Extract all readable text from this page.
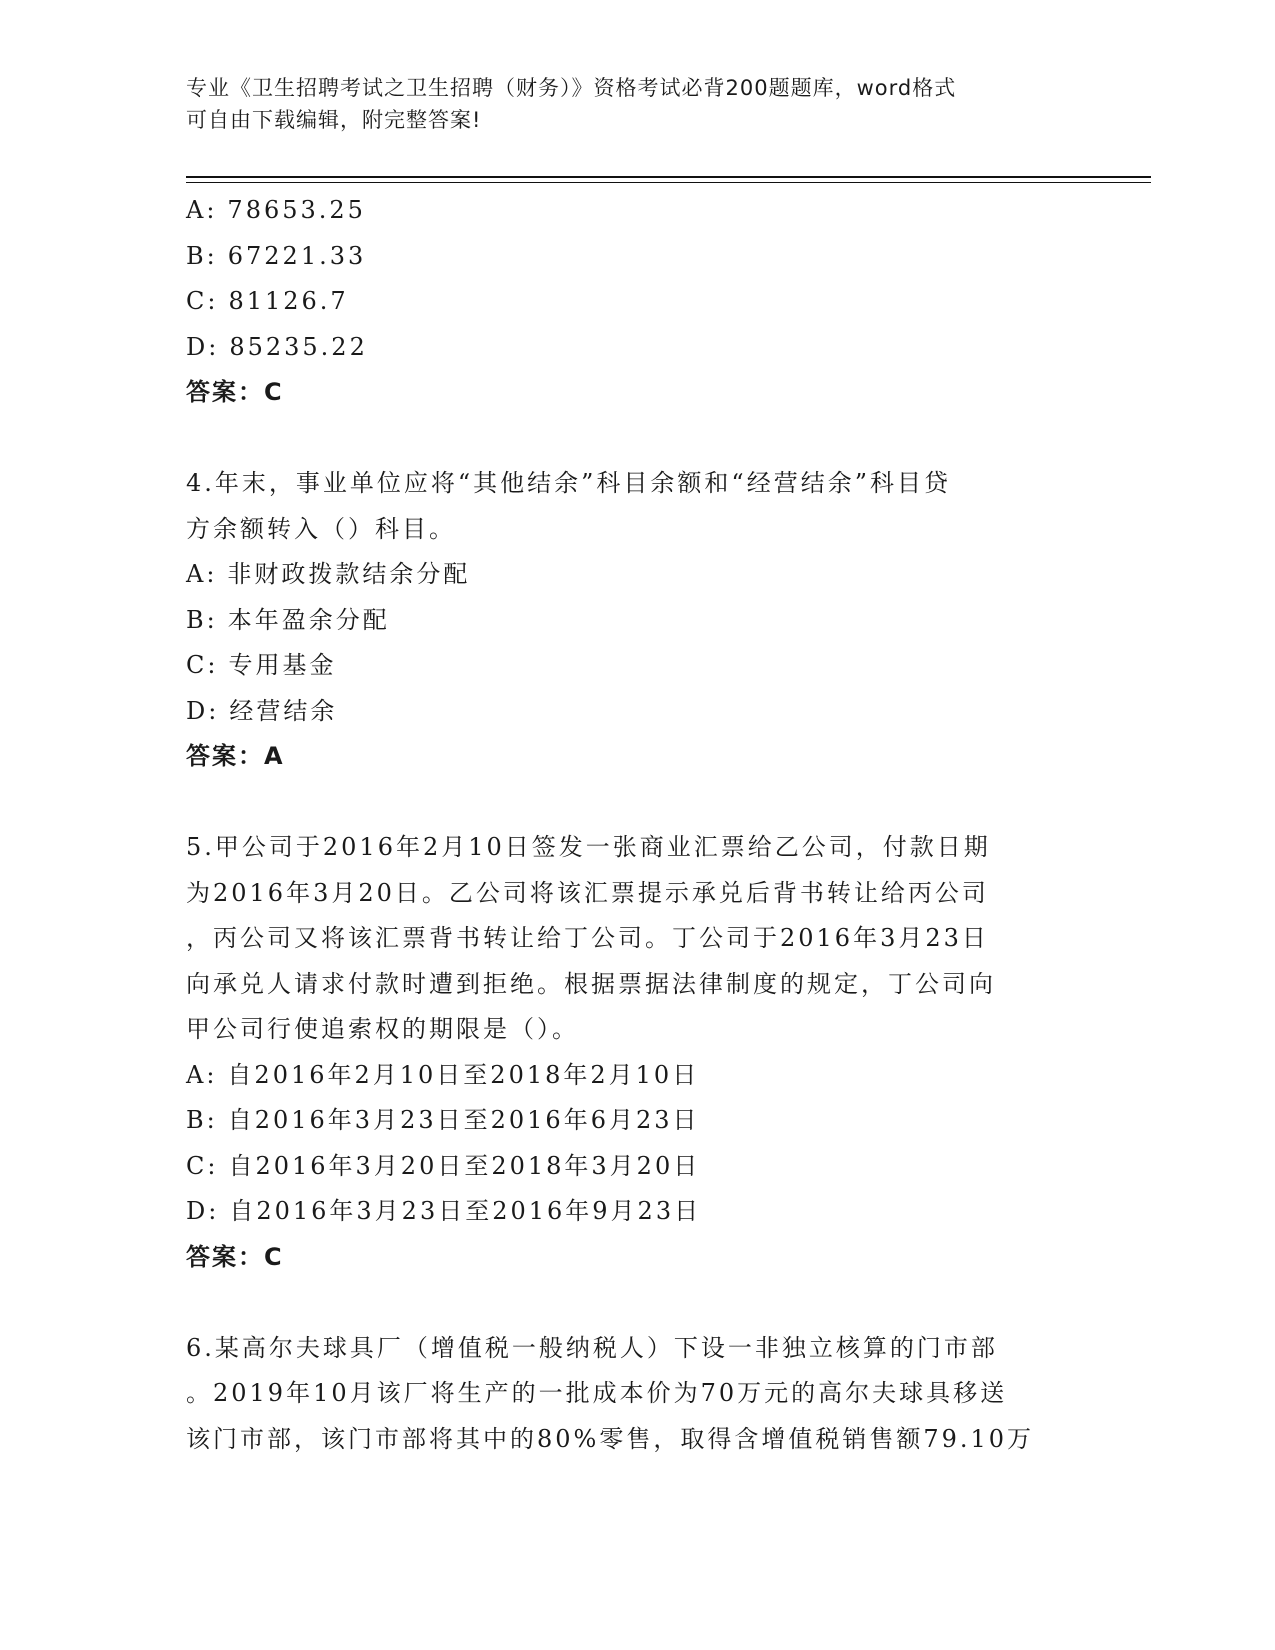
专业《卫生招聘考试之卫生招聘（财务）》资格考试必背200题题库，word格式
可自由下载编辑，附完整答案!
A: 78653.25
B: 67221.33
C: 81126.7
D: 85235.22
答案：C
4.年末，事业单位应将“其他结余”科目余额和“经营结余”科目贷
方余额转入（）科目。
A: 非财政拨款结余分配
B: 本年盈余分配
C: 专用基金
D: 经营结余
答案：A
5.甲公司于2016年2月10日签发一张商业汇票给乙公司，付款日期
为2016年3月20日。乙公司将该汇票提示承兑后背书转让给丙公司
，丙公司又将该汇票背书转让给丁公司。丁公司于2016年3月23日
向承兑人请求付款时遭到拒绝。根据票据法律制度的规定，丁公司向
甲公司行使追索权的期限是（）。
A: 自2016年2月10日至2018年2月10日
B: 自2016年3月23日至2016年6月23日
C: 自2016年3月20日至2018年3月20日
D: 自2016年3月23日至2016年9月23日
答案：C
6.某高尔夫球具厂（增值税一般纳税人）下设一非独立核算的门市部
。2019年10月该厂将生产的一批成本价为70万元的高尔夫球具移送
该门市部，该门市部将其中的80%零售，取得含增值税销售额79.10万
